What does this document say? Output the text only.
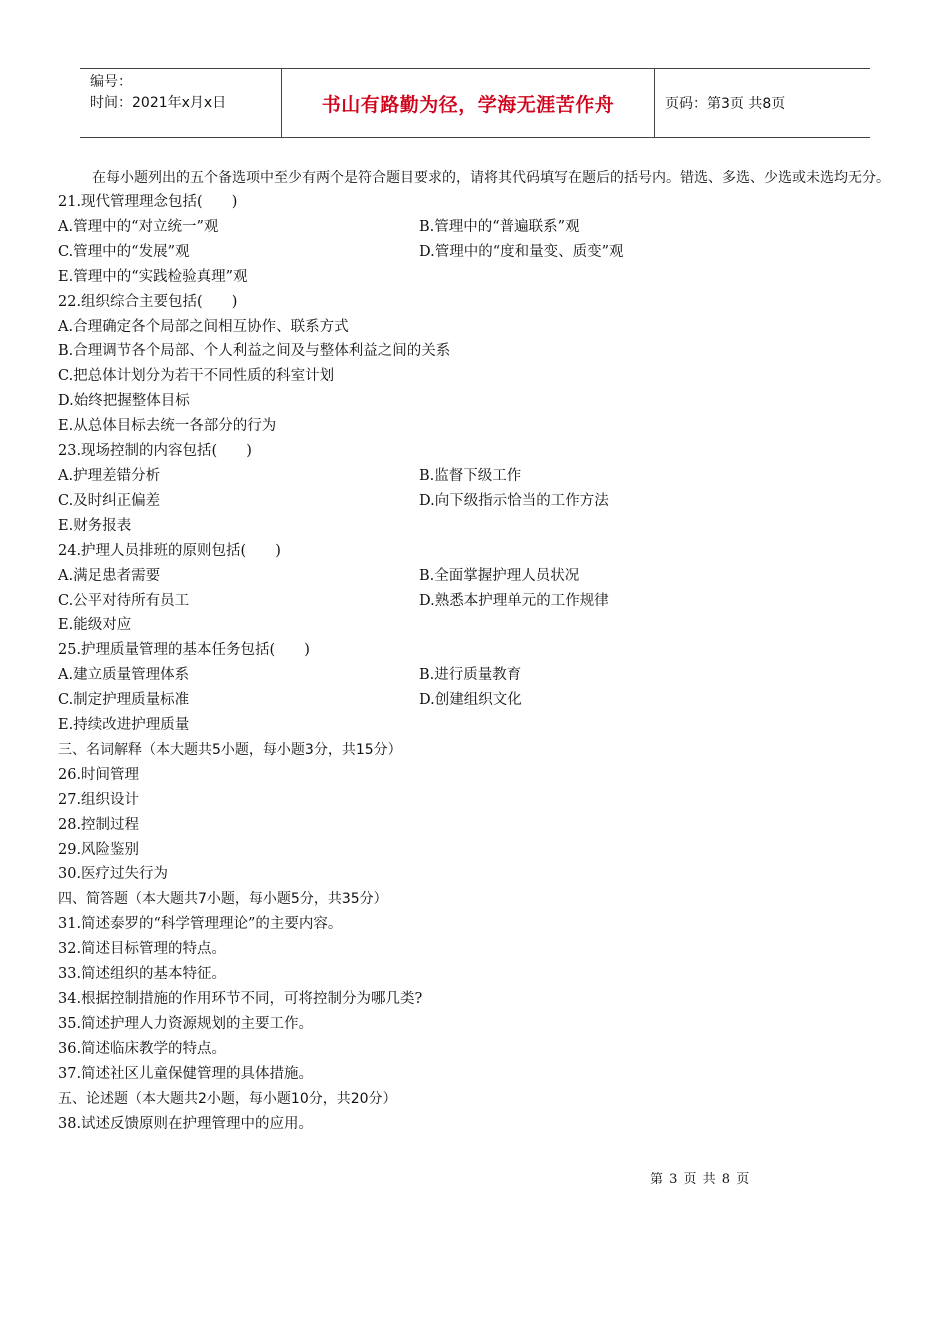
编号：
时间：2021年x月x日	书山有路勤为径，学海无涯苦作舟	页码：第3页 共8页
在每小题列出的五个备选项中至少有两个是符合题目要求的，请将其代码填写在题后的括号内。错选、多选、少选或未选均无分。
21.现代管理理念包括(　　)
A.管理中的“对立统一”观	B.管理中的“普遍联系”观
C.管理中的“发展”观	D.管理中的“度和量变、质变”观
E.管理中的“实践检验真理”观
22.组织综合主要包括(　　)
A.合理确定各个局部之间相互协作、联系方式
B.合理调节各个局部、个人利益之间及与整体利益之间的关系
C.把总体计划分为若干不同性质的科室计划
D.始终把握整体目标
E.从总体目标去统一各部分的行为
23.现场控制的内容包括(　　)
A.护理差错分析	B.监督下级工作
C.及时纠正偏差	D.向下级指示恰当的工作方法
E.财务报表
24.护理人员排班的原则包括(　　)
A.满足患者需要	B.全面掌握护理人员状况
C.公平对待所有员工	D.熟悉本护理单元的工作规律
E.能级对应
25.护理质量管理的基本任务包括(　　)
A.建立质量管理体系	B.进行质量教育
C.制定护理质量标准	D.创建组织文化
E.持续改进护理质量
三、名词解释（本大题共5小题，每小题3分，共15分）
26.时间管理
27.组织设计
28.控制过程
29.风险鉴别
30.医疗过失行为
四、简答题（本大题共7小题，每小题5分，共35分）
31.简述泰罗的“科学管理理论”的主要内容。
32.简述目标管理的特点。
33.简述组织的基本特征。
34.根据控制措施的作用环节不同，可将控制分为哪几类?
35.简述护理人力资源规划的主要工作。
36.简述临床教学的特点。
37.简述社区儿童保健管理的具体措施。
五、论述题（本大题共2小题，每小题10分，共20分）
38.试述反馈原则在护理管理中的应用。
第 3 页 共 8 页
